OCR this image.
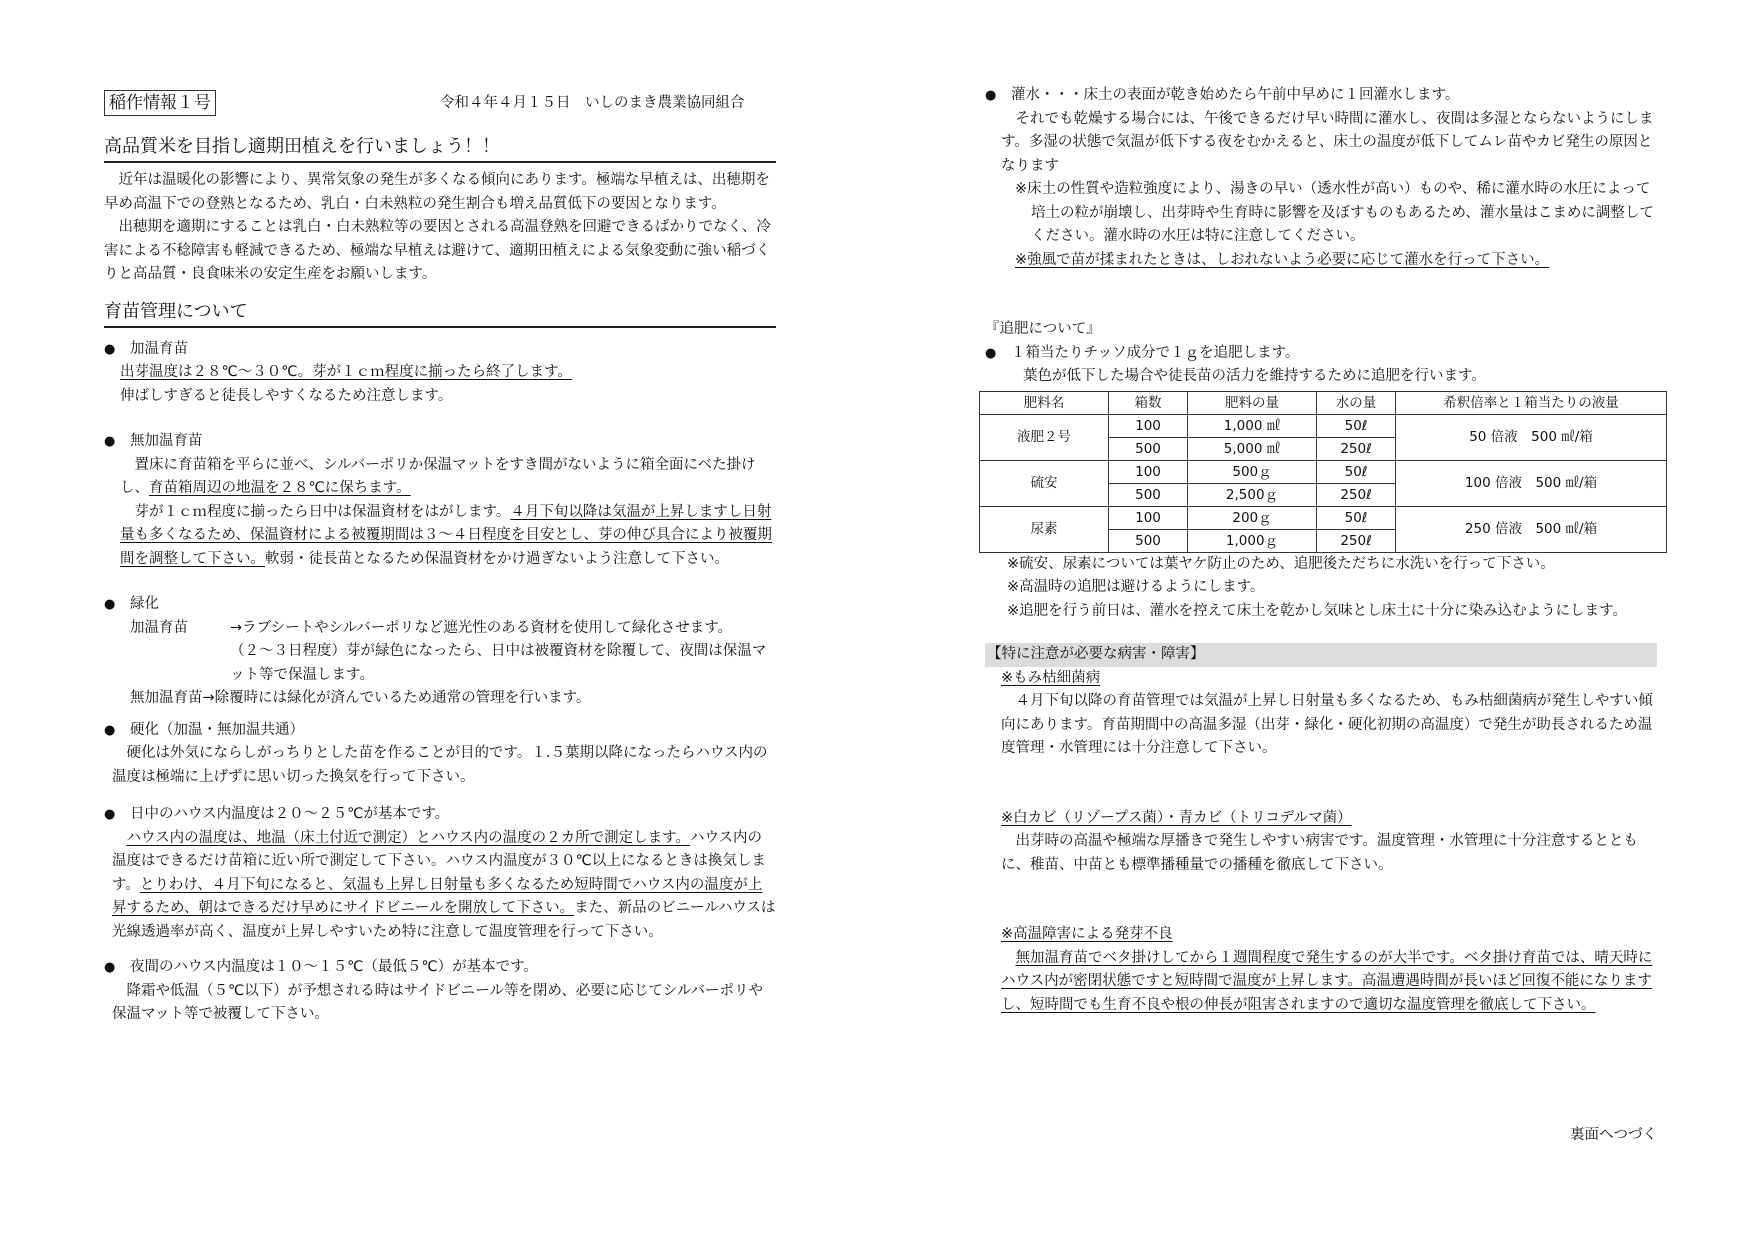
稲作情報１号	令和４年４月１５日　いしのまき農業協同組合
高品質米を目指し適期田植えを行いましょう！！

近年は温暖化の影響により、異常気象の発生が多くなる傾向にあります。極端な早植えは、出穂期を早め高温下での登熟となるため、乳白・白未熟粒の発生割合も増え品質低下の要因となります。

出穂期を適期にすることは乳白・白未熟粒等の要因とされる高温登熟を回避できるばかりでなく、冷害による不稔障害も軽減できるため、極端な早植えは避けて、適期田植えによる気象変動に強い稲づくりと高品質・良食味米の安定生産をお願いします。

育苗管理について
● 加温育苗

出芽温度は２８℃～３０℃。芽が１ｃｍ程度に揃ったら終了します。

伸ばしすぎると徒長しやすくなるため注意します。

● 無加温育苗

置床に育苗箱を平らに並べ、シルバーポリか保温マットをすき間がないように箱全面にべた掛けし、育苗箱周辺の地温を２８℃に保ちます。

芽が１ｃｍ程度に揃ったら日中は保温資材をはがします。４月下旬以降は気温が上昇しますし日射量も多くなるため、保温資材による被覆期間は３～４日程度を目安とし、芽の伸び具合により被覆期間を調整して下さい。軟弱・徒長苗となるため保温資材をかけ過ぎないよう注意して下さい。

● 緑化
加温育苗	→ラブシートやシルバーポリなど遮光性のある資材を使用して緑化させます。

（２～３日程度）芽が緑色になったら、日中は被覆資材を除覆して、夜間は保温マット等で保温します。

無加温育苗→除覆時には緑化が済んでいるため通常の管理を行います。

● 硬化（加温・無加温共通）

硬化は外気にならしがっちりとした苗を作ることが目的です。１.５葉期以降になったらハウス内の温度は極端に上げずに思い切った換気を行って下さい。

● 日中のハウス内温度は２０～２５℃が基本です。

ハウス内の温度は、地温（床土付近で測定）とハウス内の温度の２カ所で測定します。ハウス内の温度はできるだけ苗箱に近い所で測定して下さい。ハウス内温度が３０℃以上になるときは換気します。とりわけ、４月下旬になると、気温も上昇し日射量も多くなるため短時間でハウス内の温度が上昇するため、朝はできるだけ早めにサイドビニールを開放して下さい。また、新品のビニールハウスは光線透過率が高く、温度が上昇しやすいため特に注意して温度管理を行って下さい。

● 夜間のハウス内温度は１０～１５℃（最低５℃）が基本です。

降霜や低温（５℃以下）が予想される時はサイドビニール等を閉め、必要に応じてシルバーポリや保温マット等で被覆して下さい。

● 灌水・・・床土の表面が乾き始めたら午前中早めに１回灌水します。

それでも乾燥する場合には、午後できるだけ早い時間に灌水し、夜間は多湿とならないようにします。多湿の状態で気温が低下する夜をむかえると、床土の温度が低下してムレ苗やカビ発生の原因となります

※床土の性質や造粒強度により、湯きの早い（透水性が高い）ものや、稀に灌水時の水圧によって培土の粒が崩壊し、出芽時や生育時に影響を及ぼすものもあるため、灌水量はこまめに調整してください。灌水時の水圧は特に注意してください。

※強風で苗が揉まれたときは、しおれないよう必要に応じて灌水を行って下さい。

『追肥について』

● １箱当たりチッソ成分で１ｇを追肥します。

葉色が低下した場合や徒長苗の活力を維持するために追肥を行います。

肥料名	箱数	肥料の量	水の量	希釈倍率と１箱当たりの液量
液肥２号	100	1,000 ㎖	50ℓ	50 倍液　500 ㎖/箱
	500	5,000 ㎖	250ℓ	
硫安	100	500ｇ	50ℓ	100 倍液　500 ㎖/箱
	500	2,500ｇ	250ℓ	
尿素	100	200ｇ	50ℓ	250 倍液　500 ㎖/箱
	500	1,000ｇ	250ℓ	

※硫安、尿素については葉ヤケ防止のため、追肥後ただちに水洗いを行って下さい。

※高温時の追肥は避けるようにします。

※追肥を行う前日は、灌水を控えて床土を乾かし気味とし床土に十分に染み込むようにします。

【特に注意が必要な病害・障害】

※もみ枯細菌病

４月下旬以降の育苗管理では気温が上昇し日射量も多くなるため、もみ枯細菌病が発生しやすい傾向にあります。育苗期間中の高温多湿（出芽・緑化・硬化初期の高温度）で発生が助長されるため温度管理・水管理には十分注意して下さい。

※白カビ（リゾープス菌）・青カビ（トリコデルマ菌）

出芽時の高温や極端な厚播きで発生しやすい病害です。温度管理・水管理に十分注意するとともに、稚苗、中苗とも標準播種量での播種を徹底して下さい。

※高温障害による発芽不良

無加温育苗でベタ掛けしてから１週間程度で発生するのが大半です。ベタ掛け育苗では、晴天時にハウス内が密閉状態ですと短時間で温度が上昇します。高温遭遇時間が長いほど回復不能になりますし、短時間でも生育不良や根の伸長が阻害されますので適切な温度管理を徹底して下さい。

裏面へつづく
